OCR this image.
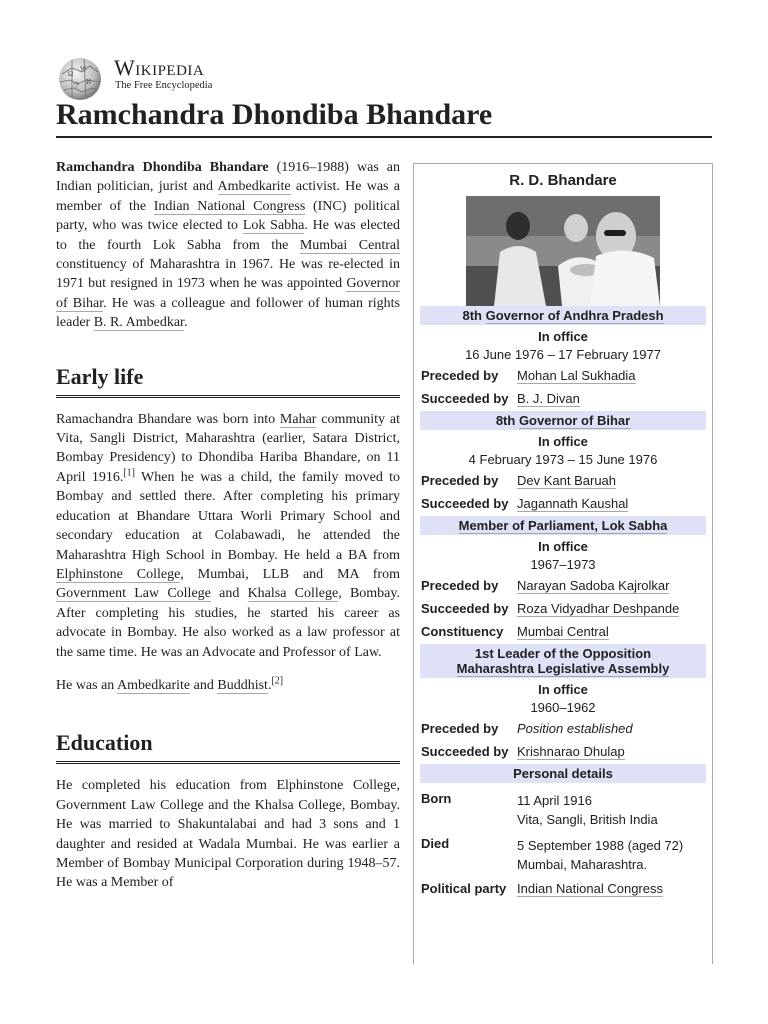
Ω
W
И
ウ
Wikipedia
The Free Encyclopedia
Ramchandra Dhondiba Bhandare

Ramchandra Dhondiba Bhandare (1916–1988) was an Indian politician, jurist and Ambedkarite activist. He was a member of the Indian National Congress (INC) political party, who was twice elected to Lok Sabha. He was elected to the fourth Lok Sabha from the Mumbai Central constituency of Maharashtra in 1967. He was re-elected in 1971 but resigned in 1973 when he was appointed Governor of Bihar. He was a colleague and follower of human rights leader B. R. Ambedkar.

Early life

Ramachandra Bhandare was born into Mahar community at Vita, Sangli District, Maharashtra (earlier, Satara District, Bombay Presidency) to Dhondiba Hariba Bhandare, on 11 April 1916.[1] When he was a child, the family moved to Bombay and settled there. After completing his primary education at Bhandare Uttara Worli Primary School and secondary education at Colabawadi, he attended the Maharashtra High School in Bombay. He held a BA from Elphinstone College, Mumbai, LLB and MA from Government Law College and Khalsa College, Bombay. After completing his studies, he started his career as advocate in Bombay. He also worked as a law professor at the same time. He was an Advocate and Professor of Law.

He was an Ambedkarite and Buddhist.[2]

Education

He completed his education from Elphinstone College, Government Law College and the Khalsa College, Bombay. He was married to Shakuntalabai and had 3 sons and 1 daughter and resided at Wadala Mumbai. He was earlier a Member of Bombay Municipal Corporation during 1948–57. He was a Member of

R. D. Bhandare
8th Governor of Andhra Pradesh
In office
16 June 1976 – 17 February 1977
Preceded by	Mohan Lal Sukhadia
Succeeded by B. J. Divan
8th Governor of Bihar
In office
4 February 1973 – 15 June 1976
Preceded by	Dev Kant Baruah
Succeeded by Jagannath Kaushal
Member of Parliament, Lok Sabha
In office
1967–1973
Preceded by	Narayan Sadoba Kajrolkar
Succeeded by Roza Vidyadhar Deshpande
Constituency	Mumbai Central
1st Leader of the Opposition
Maharashtra Legislative Assembly
In office
1960–1962
Preceded by	Position established
Succeeded by Krishnarao Dhulap
Personal details
Born	11 April 1916
Vita, Sangli, British India
Died	5 September 1988 (aged 72)
Mumbai, Maharashtra.
Political party Indian National Congress
